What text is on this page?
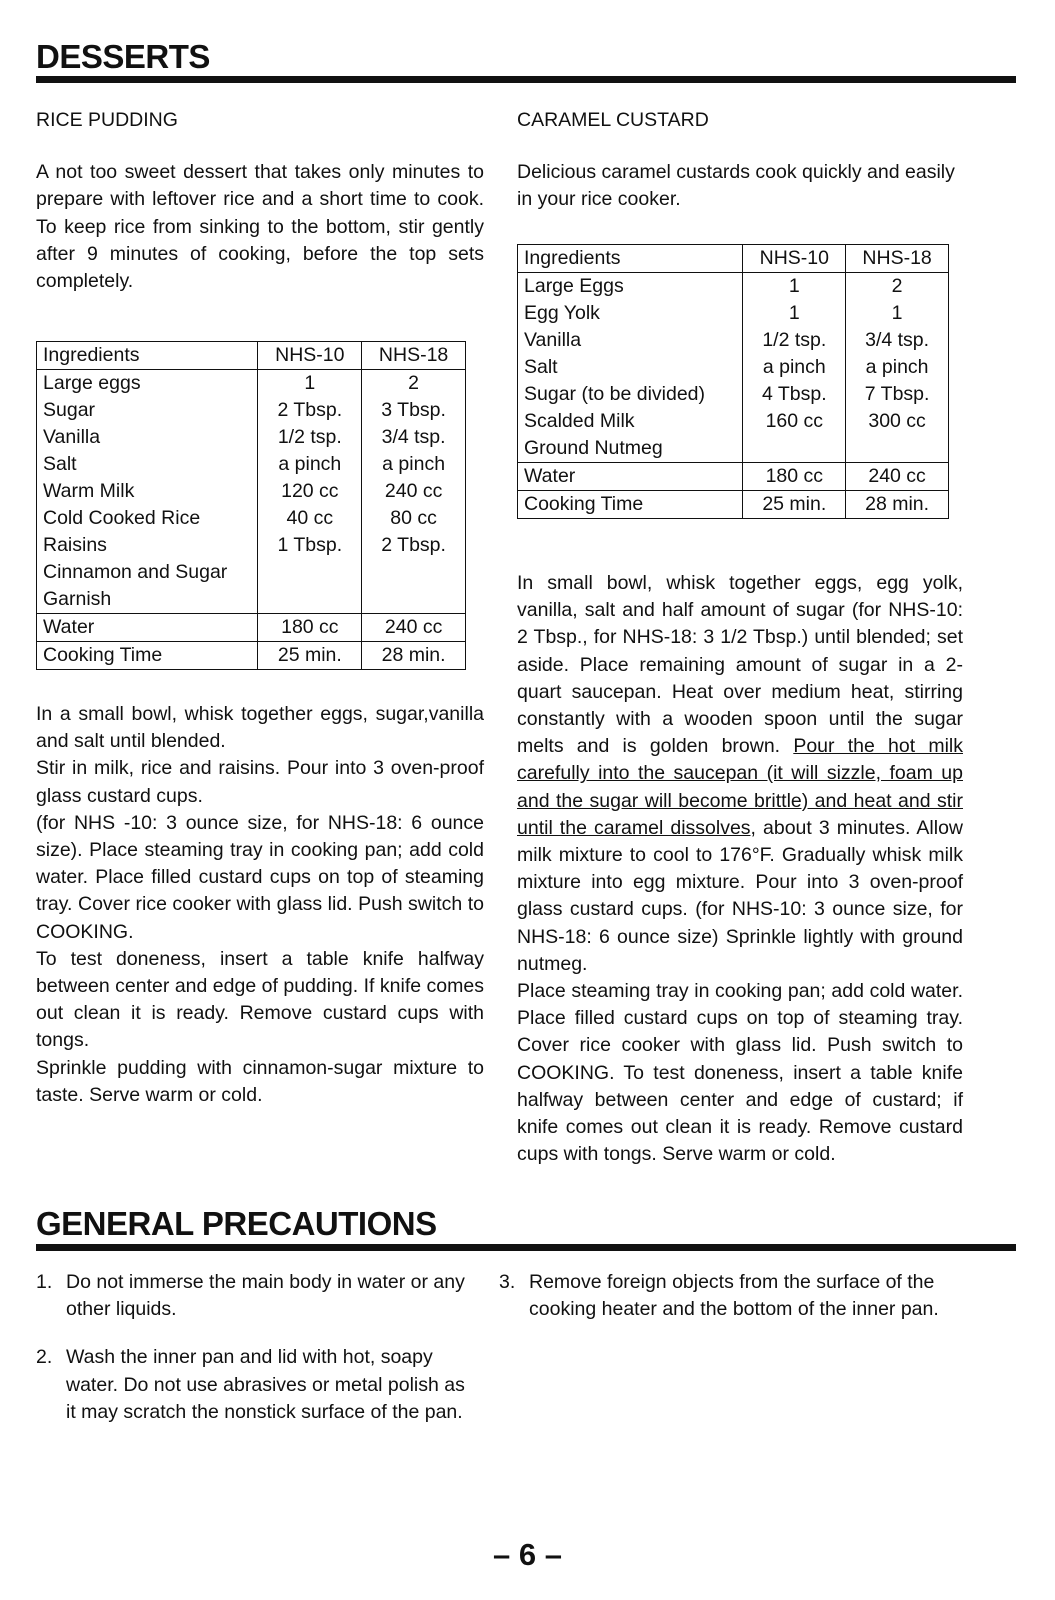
DESSERTS
RICE PUDDING

A not too sweet dessert that takes only minutes to prepare with leftover rice and a short time to cook. To keep rice from sinking to the bottom, stir gently after 9 minutes of cooking, before the top sets completely.

Ingredients	NHS-10	NHS-18
Large eggs	1	2
Sugar	2 Tbsp.	3 Tbsp.
Vanilla	1/2 tsp.	3/4 tsp.
Salt	a pinch	a pinch
Warm Milk	120 cc	240 cc
Cold Cooked Rice	40 cc	80 cc
Raisins	1 Tbsp.	2 Tbsp.
Cinnamon and Sugar Garnish		
Water	180 cc	240 cc
Cooking Time	25 min.	28 min.

In a small bowl, whisk together eggs, sugar,vanilla and salt until blended.

Stir in milk, rice and raisins. Pour into 3 oven-proof glass custard cups.

(for NHS -10: 3 ounce size, for NHS-18: 6 ounce size). Place steaming tray in cooking pan; add cold water. Place filled custard cups on top of steaming tray. Cover rice cooker with glass lid. Push switch to COOKING.

To test doneness, insert a table knife halfway between center and edge of pudding. If knife comes out clean it is ready. Remove custard cups with tongs.

Sprinkle pudding with cinnamon-sugar mixture to taste. Serve warm or cold.

CARAMEL CUSTARD

Delicious caramel custards cook quickly and easily in your rice cooker.

Ingredients	NHS-10	NHS-18
Large Eggs	1	2
Egg Yolk	1	1
Vanilla	1/2 tsp.	3/4 tsp.
Salt	a pinch	a pinch
Sugar (to be divided)	4 Tbsp.	7 Tbsp.
Scalded Milk	160 cc	300 cc
Ground Nutmeg		
Water	180 cc	240 cc
Cooking Time	25 min.	28 min.

In small bowl, whisk together eggs, egg yolk, vanilla, salt and half amount of sugar (for NHS-10: 2 Tbsp., for NHS-18: 3 1/2 Tbsp.) until blended; set aside. Place remaining amount of sugar in a 2-quart saucepan. Heat over medium heat, stirring constantly with a wooden spoon until the sugar melts and is golden brown. Pour the hot milk carefully into the saucepan (it will sizzle, foam up and the sugar will become brittle) and heat and stir until the caramel dissolves, about 3 minutes. Allow milk mixture to cool to 176°F. Gradually whisk milk mixture into egg mixture. Pour into 3 oven-proof glass custard cups. (for NHS-10: 3 ounce size, for NHS-18: 6 ounce size) Sprinkle lightly with ground nutmeg.

Place steaming tray in cooking pan; add cold water. Place filled custard cups on top of steaming tray. Cover rice cooker with glass lid. Push switch to COOKING. To test doneness, insert a table knife halfway between center and edge of custard; if knife comes out clean it is ready. Remove custard cups with tongs. Serve warm or cold.

GENERAL PRECAUTIONS
1. Do not immerse the main body in water or any other liquids.
2. Wash the inner pan and lid with hot, soapy water. Do not use abrasives or metal polish as it may scratch the nonstick surface of the pan.
3. Remove foreign objects from the surface of the cooking heater and the bottom of the inner pan.
– 6 –
